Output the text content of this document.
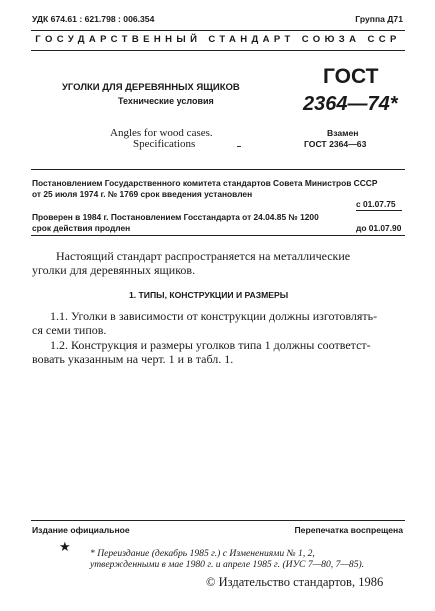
УДК 674.61 : 621.798 : 006.354	Группа Д71
ГОСУДАРСТВЕННЫЙ СТАНДАРТ СОЮЗА ССР
УГОЛКИ ДЛЯ ДЕРЕВЯННЫХ ЯЩИКОВ
Технические условия
Angles for wood cases.
Specifications
ГОСТ
2364—74*
Взамен
ГОСТ 2364—63
Постановлением Государственного комитета стандартов Совета Министров СССР
от 25 июля 1974 г. № 1769 срок введения установлен
с 01.07.75
Проверен в 1984 г. Постановлением Госстандарта от 24.04.85 № 1200
срок действия продлен	до 01.07.90
Настоящий стандарт распространяется на металлические
уголки для деревянных ящиков.
1. ТИПЫ, КОНСТРУКЦИИ И РАЗМЕРЫ
1.1. Уголки в зависимости от конструкции должны изготовлять-
ся семи типов.
1.2. Конструкция и размеры уголков типа 1 должны соответст-
вовать указанным на черт. 1 и в табл. 1.
Издание официальное	Перепечатка воспрещена
★ * Переиздание (декабрь 1985 г.) с Изменениями № 1, 2,
утвержденными в мае 1980 г. и апреле 1985 г. (ИУС 7—80, 7—85).
© Издательство стандартов, 1986
